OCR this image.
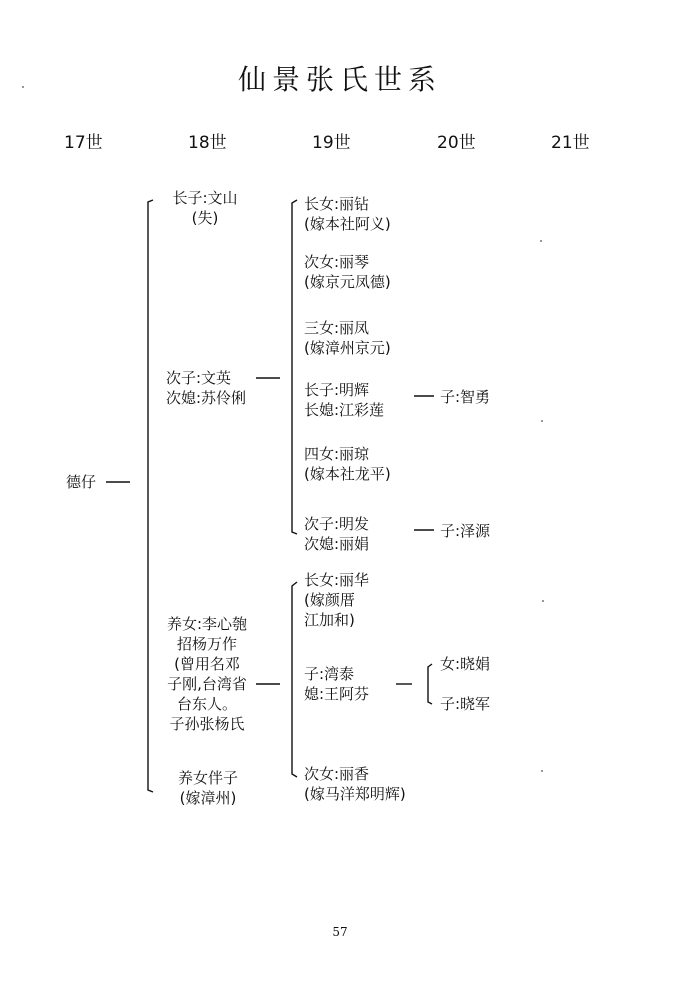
仙景张氏世系
17世	18世	19世	20世	21世
德仔
长子:文山
(失)
次子:文英
次媳:苏伶俐
养女:李心匏
招杨万作
(曾用名邓
子刚,台湾省
台东人。
子孙张杨氏
养女伴子
(嫁漳州)
长女:丽钻
(嫁本社阿义)
次女:丽琴
(嫁京元凤德)
三女:丽凤
(嫁漳州京元)
长子:明辉
长媳:江彩莲
四女:丽琼
(嫁本社龙平)
次子:明发
次媳:丽娟
长女:丽华
(嫁颜厝
江加和)
子:湾泰
媳:王阿芬
次女:丽香
(嫁马洋郑明辉)
子:智勇
子:泽源
女:晓娟
子:晓军
57
